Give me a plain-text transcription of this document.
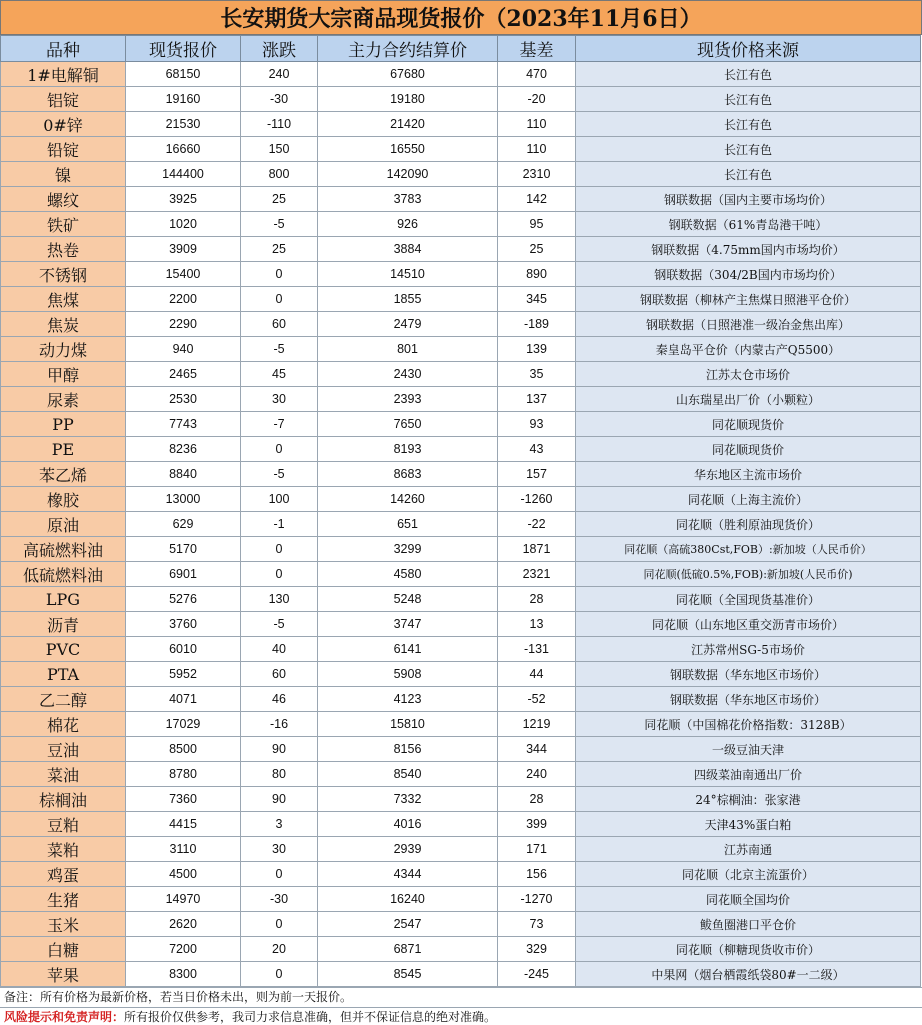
长安期货大宗商品现货报价（2023年11月6日）
品种	现货报价	涨跌	主力合约结算价	基差	现货价格来源
1#电解铜	68150	240	67680	470	长江有色
铝锭	19160	-30	19180	-20	长江有色
0#锌	21530	-110	21420	110	长江有色
铅锭	16660	150	16550	110	长江有色
镍	144400	800	142090	2310	长江有色
螺纹	3925	25	3783	142	钢联数据（国内主要市场均价）
铁矿	1020	-5	926	95	钢联数据（61%青岛港干吨）
热卷	3909	25	3884	25	钢联数据（4.75mm国内市场均价）
不锈钢	15400	0	14510	890	钢联数据（304/2B国内市场均价）
焦煤	2200	0	1855	345	钢联数据（柳林产主焦煤日照港平仓价）
焦炭	2290	60	2479	-189	钢联数据（日照港准一级冶金焦出库）
动力煤	940	-5	801	139	秦皇岛平仓价（内蒙古产Q5500）
甲醇	2465	45	2430	35	江苏太仓市场价
尿素	2530	30	2393	137	山东瑞星出厂价（小颗粒）
PP	7743	-7	7650	93	同花顺现货价
PE	8236	0	8193	43	同花顺现货价
苯乙烯	8840	-5	8683	157	华东地区主流市场价
橡胶	13000	100	14260	-1260	同花顺（上海主流价）
原油	629	-1	651	-22	同花顺（胜利原油现货价）
高硫燃料油	5170	0	3299	1871	同花顺（高硫380Cst,FOB）:新加坡（人民币价）
低硫燃料油	6901	0	4580	2321	同花顺(低硫0.5%,FOB):新加坡(人民币价)
LPG	5276	130	5248	28	同花顺（全国现货基准价）
沥青	3760	-5	3747	13	同花顺（山东地区重交沥青市场价）
PVC	6010	40	6141	-131	江苏常州SG-5市场价
PTA	5952	60	5908	44	钢联数据（华东地区市场价）
乙二醇	4071	46	4123	-52	钢联数据（华东地区市场价）
棉花	17029	-16	15810	1219	同花顺（中国棉花价格指数：3128B）
豆油	8500	90	8156	344	一级豆油天津
菜油	8780	80	8540	240	四级菜油南通出厂价
棕榈油	7360	90	7332	28	24°棕榈油：张家港
豆粕	4415	3	4016	399	天津43%蛋白粕
菜粕	3110	30	2939	171	江苏南通
鸡蛋	4500	0	4344	156	同花顺（北京主流蛋价）
生猪	14970	-30	16240	-1270	同花顺全国均价
玉米	2620	0	2547	73	鲅鱼圈港口平仓价
白糖	7200	20	6871	329	同花顺（柳糖现货收市价）
苹果	8300	0	8545	-245	中果网（烟台栖霞纸袋80#一二级）
备注：所有价格为最新价格，若当日价格未出，则为前一天报价。
风险提示和免责声明：所有报价仅供参考，我司力求信息准确，但并不保证信息的绝对准确。
